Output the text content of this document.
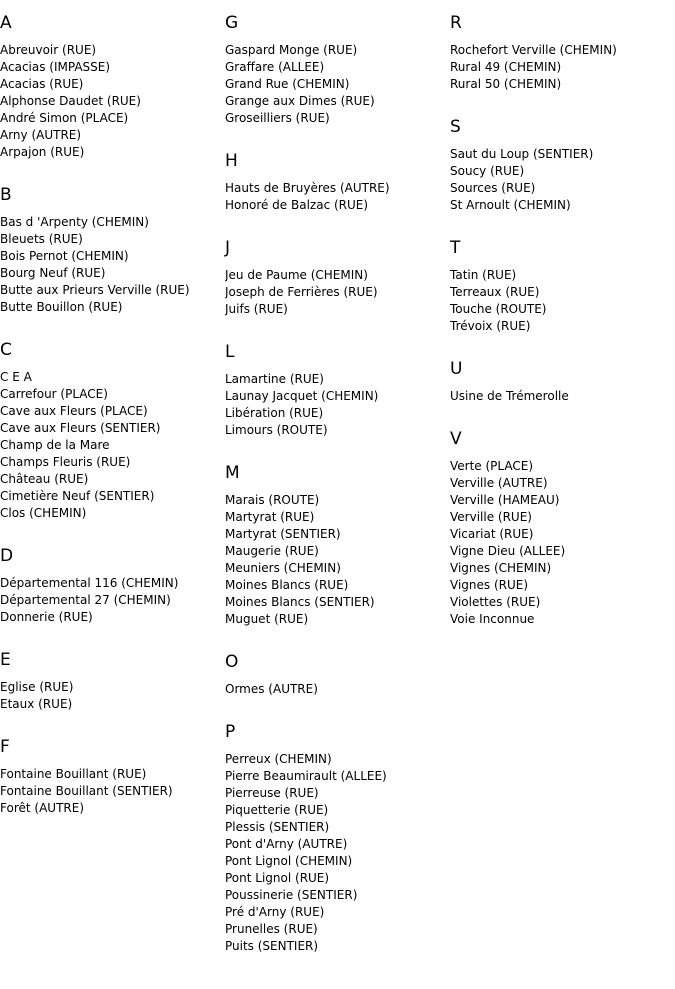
A
Abreuvoir (RUE)
Acacias (IMPASSE)
Acacias (RUE)
Alphonse Daudet (RUE)
André Simon (PLACE)
Arny (AUTRE)
Arpajon (RUE)
B
Bas d 'Arpenty (CHEMIN)
Bleuets (RUE)
Bois Pernot (CHEMIN)
Bourg Neuf (RUE)
Butte aux Prieurs Verville (RUE)
Butte Bouillon (RUE)
C
C E A
Carrefour (PLACE)
Cave aux Fleurs (PLACE)
Cave aux Fleurs (SENTIER)
Champ de la Mare
Champs Fleuris (RUE)
Château (RUE)
Cimetière Neuf (SENTIER)
Clos (CHEMIN)
D
Départemental 116 (CHEMIN)
Départemental 27 (CHEMIN)
Donnerie (RUE)
E
Eglise (RUE)
Etaux (RUE)
F
Fontaine Bouillant (RUE)
Fontaine Bouillant (SENTIER)
Forêt (AUTRE)
G
Gaspard Monge (RUE)
Graffare (ALLEE)
Grand Rue (CHEMIN)
Grange aux Dimes (RUE)
Groseilliers (RUE)
H
Hauts de Bruyères (AUTRE)
Honoré de Balzac (RUE)
J
Jeu de Paume (CHEMIN)
Joseph de Ferrières (RUE)
Juifs (RUE)
L
Lamartine (RUE)
Launay Jacquet (CHEMIN)
Libération (RUE)
Limours (ROUTE)
M
Marais (ROUTE)
Martyrat (RUE)
Martyrat (SENTIER)
Maugerie (RUE)
Meuniers (CHEMIN)
Moines Blancs (RUE)
Moines Blancs (SENTIER)
Muguet (RUE)
O
Ormes (AUTRE)
P
Perreux (CHEMIN)
Pierre Beaumirault (ALLEE)
Pierreuse (RUE)
Piquetterie (RUE)
Plessis (SENTIER)
Pont d'Arny (AUTRE)
Pont Lignol (CHEMIN)
Pont Lignol (RUE)
Poussinerie (SENTIER)
Pré d'Arny (RUE)
Prunelles (RUE)
Puits (SENTIER)
R
Rochefort Verville (CHEMIN)
Rural 49 (CHEMIN)
Rural 50 (CHEMIN)
S
Saut du Loup (SENTIER)
Soucy (RUE)
Sources (RUE)
St Arnoult (CHEMIN)
T
Tatin (RUE)
Terreaux (RUE)
Touche (ROUTE)
Trévoix (RUE)
U
Usine de Trémerolle
V
Verte (PLACE)
Verville (AUTRE)
Verville (HAMEAU)
Verville (RUE)
Vicariat (RUE)
Vigne Dieu (ALLEE)
Vignes (CHEMIN)
Vignes (RUE)
Violettes (RUE)
Voie Inconnue
